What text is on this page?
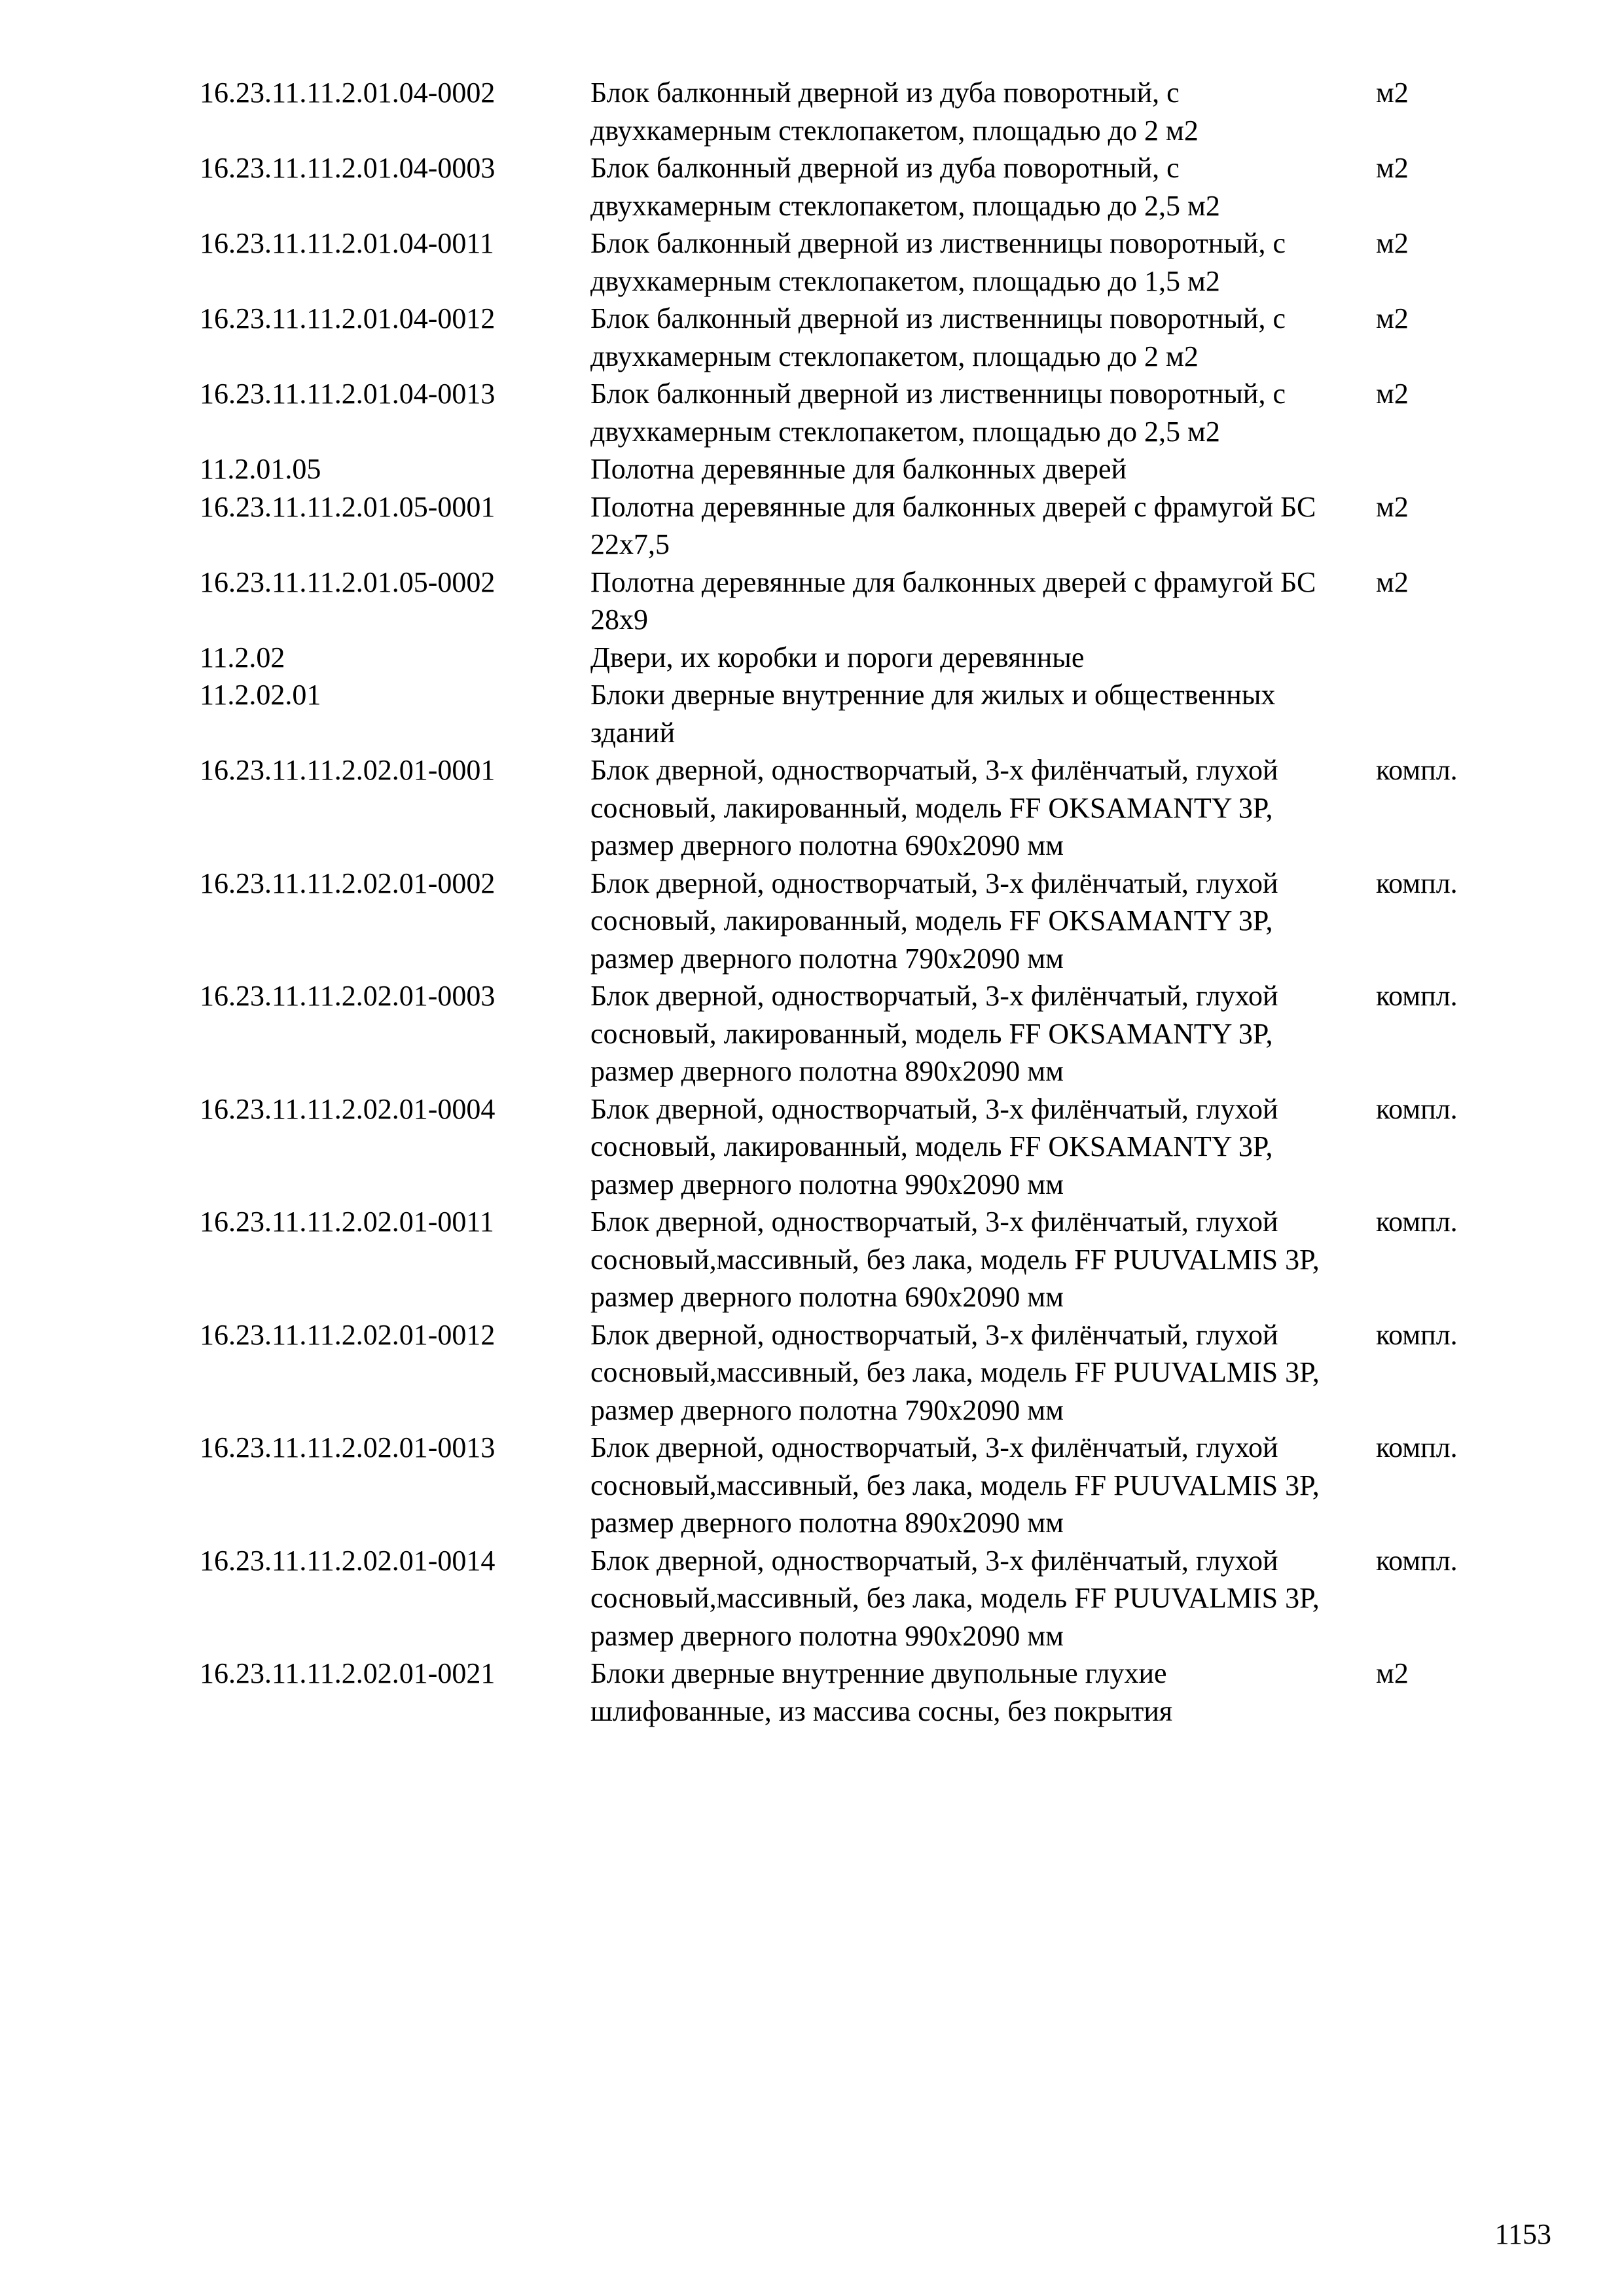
16.23.11.11.2.01.04-0002	Блок балконный дверной из дуба поворотный, с двухкамерным стеклопакетом, площадью до 2 м2	м2
16.23.11.11.2.01.04-0003	Блок балконный дверной из дуба поворотный, с двухкамерным стеклопакетом, площадью до 2,5 м2	м2
16.23.11.11.2.01.04-0011	Блок балконный дверной из лиственницы поворотный, с двухкамерным стеклопакетом, площадью до 1,5 м2	м2
16.23.11.11.2.01.04-0012	Блок балконный дверной из лиственницы поворотный, с двухкамерным стеклопакетом, площадью до 2 м2	м2
16.23.11.11.2.01.04-0013	Блок балконный дверной из лиственницы поворотный, с двухкамерным стеклопакетом, площадью до 2,5 м2	м2
11.2.01.05	Полотна деревянные для балконных дверей	
16.23.11.11.2.01.05-0001	Полотна деревянные для балконных дверей с фрамугой БС 22х7,5	м2
16.23.11.11.2.01.05-0002	Полотна деревянные для балконных дверей с фрамугой БС 28х9	м2
11.2.02	Двери, их коробки и пороги деревянные	
11.2.02.01	Блоки дверные внутренние для жилых и общественных зданий	
16.23.11.11.2.02.01-0001	Блок дверной, одностворчатый, 3-х филёнчатый, глухой сосновый, лакированный, модель FF OKSAMANTY 3P, размер дверного полотна 690х2090 мм	компл.
16.23.11.11.2.02.01-0002	Блок дверной, одностворчатый, 3-х филёнчатый, глухой сосновый, лакированный, модель FF OKSAMANTY 3P, размер дверного полотна 790х2090 мм	компл.
16.23.11.11.2.02.01-0003	Блок дверной, одностворчатый, 3-х филёнчатый, глухой сосновый, лакированный, модель FF OKSAMANTY 3P, размер дверного полотна 890х2090 мм	компл.
16.23.11.11.2.02.01-0004	Блок дверной, одностворчатый, 3-х филёнчатый, глухой сосновый, лакированный, модель FF OKSAMANTY 3P, размер дверного полотна 990х2090 мм	компл.
16.23.11.11.2.02.01-0011	Блок дверной, одностворчатый, 3-х филёнчатый, глухой сосновый,массивный, без лака, модель FF PUUVALMIS 3P, размер дверного полотна 690х2090 мм	компл.
16.23.11.11.2.02.01-0012	Блок дверной, одностворчатый, 3-х филёнчатый, глухой сосновый,массивный, без лака, модель FF PUUVALMIS 3P, размер дверного полотна 790х2090 мм	компл.
16.23.11.11.2.02.01-0013	Блок дверной, одностворчатый, 3-х филёнчатый, глухой сосновый,массивный, без лака, модель FF PUUVALMIS 3P, размер дверного полотна 890х2090 мм	компл.
16.23.11.11.2.02.01-0014	Блок дверной, одностворчатый, 3-х филёнчатый, глухой сосновый,массивный, без лака, модель FF PUUVALMIS 3P, размер дверного полотна 990х2090 мм	компл.
16.23.11.11.2.02.01-0021	Блоки дверные внутренние двупольные глухие шлифованные, из массива сосны, без покрытия	м2
1153
